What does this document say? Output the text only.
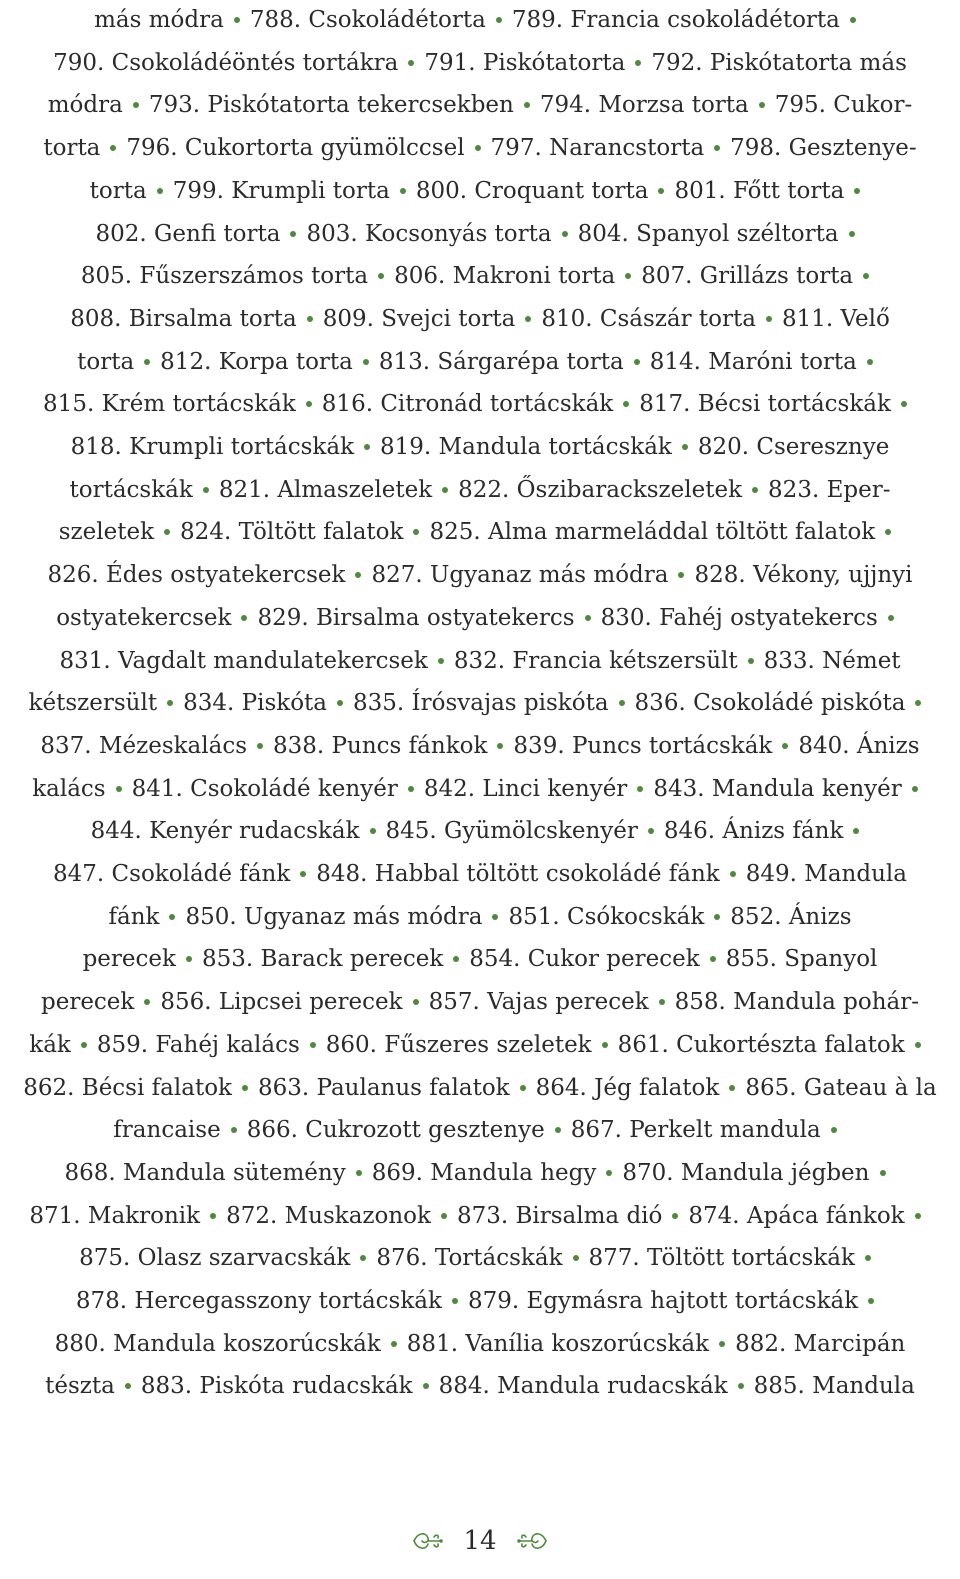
más módra 788. Csokoládétorta 789. Francia csokoládétorta
790. Csokoládéöntés tortákra 791. Piskótatorta 792. Piskótatorta más
módra 793. Piskótatorta tekercsekben 794. Morzsa torta 795. Cukor-
torta 796. Cukortorta gyümölccsel 797. Narancstorta 798. Gesztenye-
torta 799. Krumpli torta 800. Croquant torta 801. Főtt torta
802. Genfi torta 803. Kocsonyás torta 804. Spanyol széltorta
805. Fűszerszámos torta 806. Makroni torta 807. Grillázs torta
808. Birsalma torta 809. Svejci torta 810. Császár torta 811. Velő
torta 812. Korpa torta 813. Sárgarépa torta 814. Maróni torta
815. Krém tortácskák 816. Citronád tortácskák 817. Bécsi tortácskák
818. Krumpli tortácskák 819. Mandula tortácskák 820. Cseresznye
tortácskák 821. Almaszeletek 822. Őszibarackszeletek 823. Eper-
szeletek 824. Töltött falatok 825. Alma marmeláddal töltött falatok
826. Édes ostyatekercsek 827. Ugyanaz más módra 828. Vékony, ujjnyi
ostyatekercsek 829. Birsalma ostyatekercs 830. Fahéj ostyatekercs
831. Vagdalt mandulatekercsek 832. Francia kétszersült 833. Német
kétszersült 834. Piskóta 835. Írósvajas piskóta 836. Csokoládé piskóta
837. Mézeskalács 838. Puncs fánkok 839. Puncs tortácskák 840. Ánizs
kalács 841. Csokoládé kenyér 842. Linci kenyér 843. Mandula kenyér
844. Kenyér rudacskák 845. Gyümölcskenyér 846. Ánizs fánk
847. Csokoládé fánk 848. Habbal töltött csokoládé fánk 849. Mandula
fánk 850. Ugyanaz más módra 851. Csókocskák 852. Ánizs
perecek 853. Barack perecek 854. Cukor perecek 855. Spanyol
perecek 856. Lipcsei perecek 857. Vajas perecek 858. Mandula pohár-
kák 859. Fahéj kalács 860. Fűszeres szeletek 861. Cukortészta falatok
862. Bécsi falatok 863. Paulanus falatok 864. Jég falatok 865. Gateau à la
francaise 866. Cukrozott gesztenye 867. Perkelt mandula
868. Mandula sütemény 869. Mandula hegy 870. Mandula jégben
871. Makronik 872. Muskazonok 873. Birsalma dió 874. Apáca fánkok
875. Olasz szarvacskák 876. Tortácskák 877. Töltött tortácskák
878. Hercegasszony tortácskák 879. Egymásra hajtott tortácskák
880. Mandula koszorúcskák 881. Vanília koszorúcskák 882. Marcipán
tészta 883. Piskóta rudacskák 884. Mandula rudacskák 885. Mandula
14
